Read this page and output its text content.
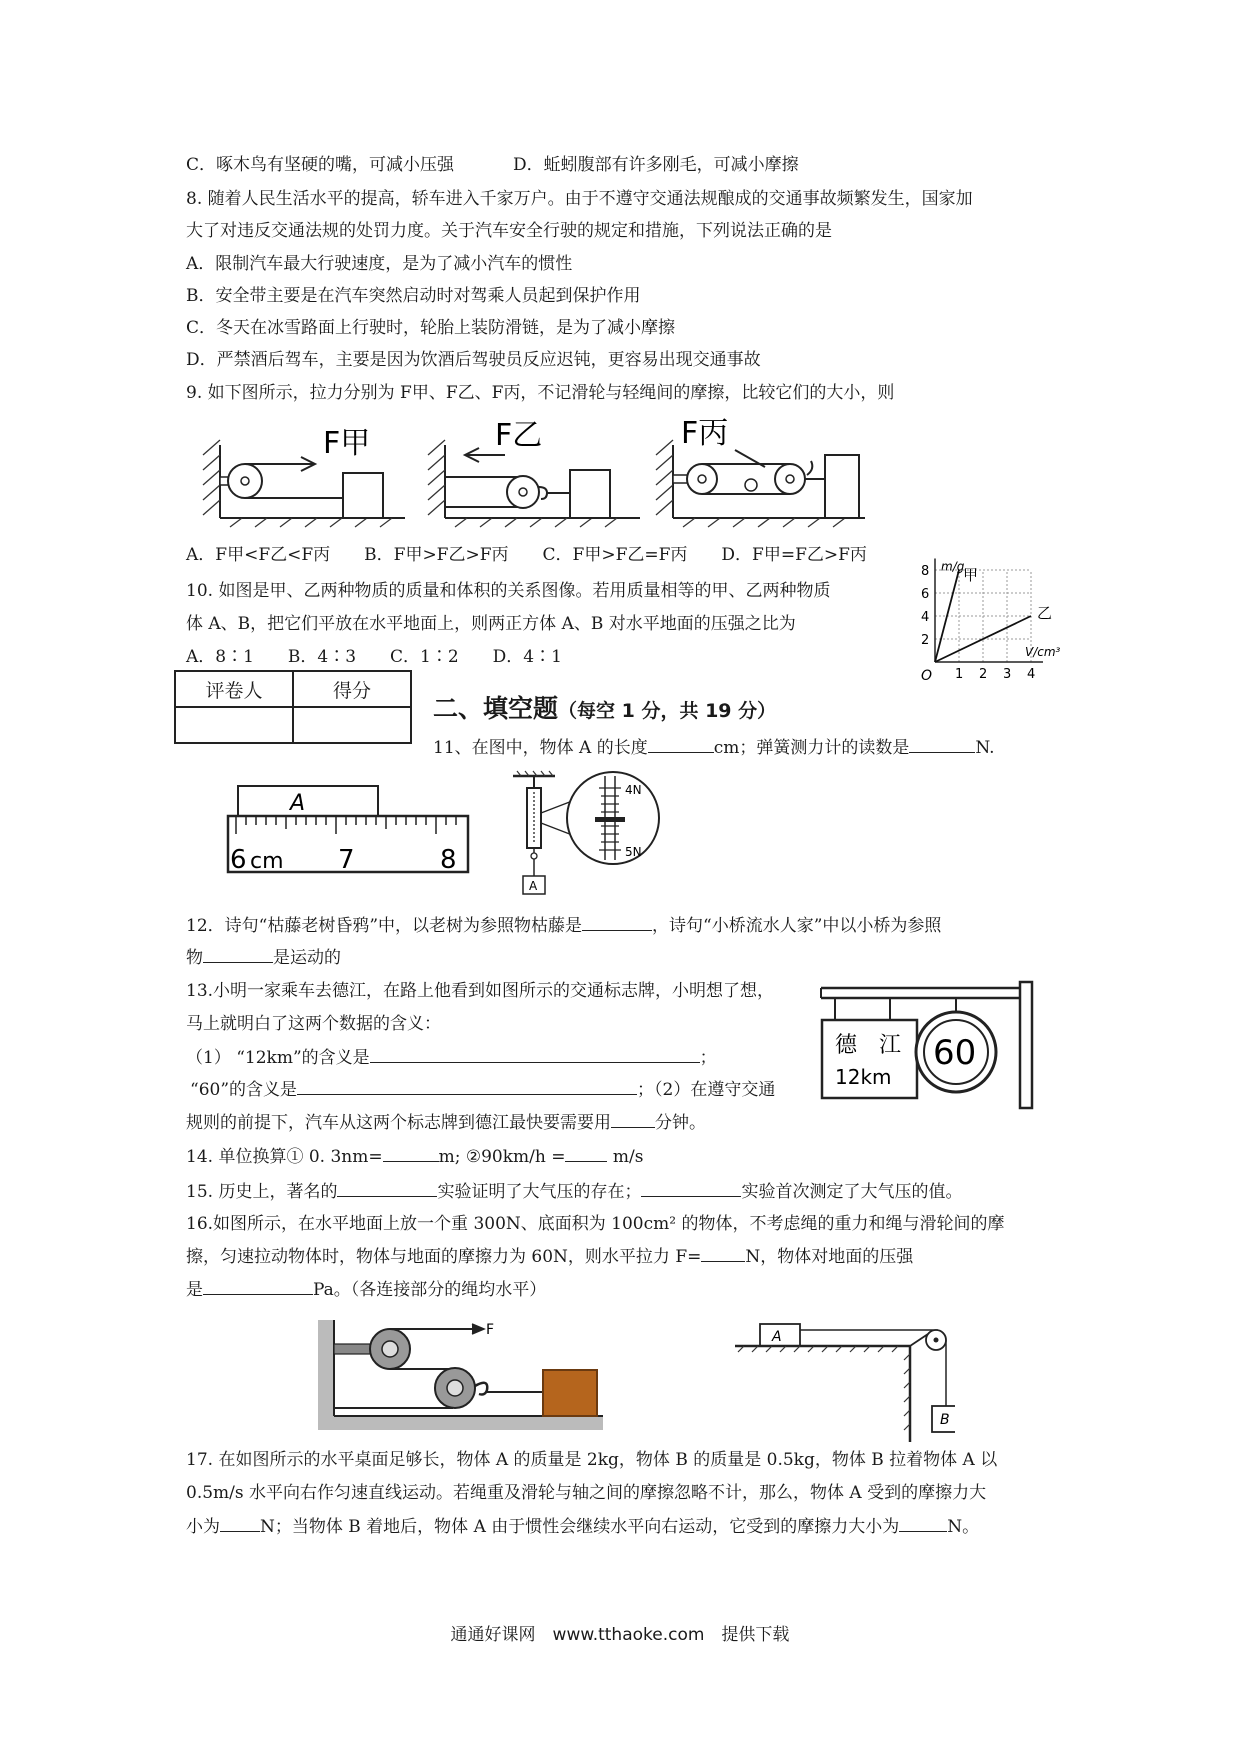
C．啄木鸟有坚硬的嘴，可减小压强	D．蚯蚓腹部有许多刚毛，可减小摩擦
8. 随着人民生活水平的提高，轿车进入千家万户。由于不遵守交通法规酿成的交通事故频繁发生，国家加
大了对违反交通法规的处罚力度。关于汽车安全行驶的规定和措施，下列说法正确的是
A．限制汽车最大行驶速度，是为了减小汽车的惯性
B．安全带主要是在汽车突然启动时对驾乘人员起到保护作用
C．冬天在冰雪路面上行驶时，轮胎上装防滑链，是为了减小摩擦
D．严禁酒后驾车，主要是因为饮酒后驾驶员反应迟钝，更容易出现交通事故
9. 如下图所示，拉力分别为 F甲、F乙、F丙，不记滑轮与轻绳间的摩擦，比较它们的大小，则
F甲	F乙	F丙
A．F甲<F乙<F丙　　B．F甲>F乙>F丙　　C．F甲>F乙=F丙　　D．F甲=F乙>F丙
10. 如图是甲、乙两种物质的质量和体积的关系图像。若用质量相等的甲、乙两种物质
体 A、B，把它们平放在水平地面上，则两正方体 A、B 对水平地面的压强之比为
A．8∶1　　B．4∶3　　C．1∶2　　D．4∶1
1 2 3 4
2
4
6
8
O
m/g
V/cm³
甲
乙
评卷人	得分

二、填空题（每空 1 分，共 19 分）
11、在图中，物体 A 的长度	cm；弹簧测力计的读数是	N.
A
6 cm 7	8
A
4N
5N
12．诗句“枯藤老树昏鸦”中，以老树为参照物枯藤是	，诗句“小桥流水人家”中以小桥为参照
物	是运动的
13.小明一家乘车去德江，在路上他看到如图所示的交通标志牌，小明想了想，
马上就明白了这两个数据的含义：
（1） “12km”的含义是	；
“60”的含义是	；（2）在遵守交通
规则的前提下，汽车从这两个标志牌到德江最快要需要用	分钟。
德　江
12km
60
14. 单位换算① 0. 3nm=	m; ②90km/h =	m/s
15. 历史上，著名的	实验证明了大气压的存在；	实验首次测定了大气压的值。
16.如图所示，在水平地面上放一个重 300N、底面积为 100cm² 的物体，不考虑绳的重力和绳与滑轮间的摩
擦，匀速拉动物体时，物体与地面的摩擦力为 60N，则水平拉力 F=	N，物体对地面的压强
是	Pa。（各连接部分的绳均水平）
F	A
B
17. 在如图所示的水平桌面足够长，物体 A 的质量是 2kg，物体 B 的质量是 0.5kg，物体 B 拉着物体 A 以
0.5m/s 水平向右作匀速直线运动。若绳重及滑轮与轴之间的摩擦忽略不计，那么，物体 A 受到的摩擦力大
小为 N；当物体 B 着地后，物体 A 由于惯性会继续水平向右运动，它受到的摩擦力大小为	N。
通通好课网　www.tthaoke.com　提供下载
